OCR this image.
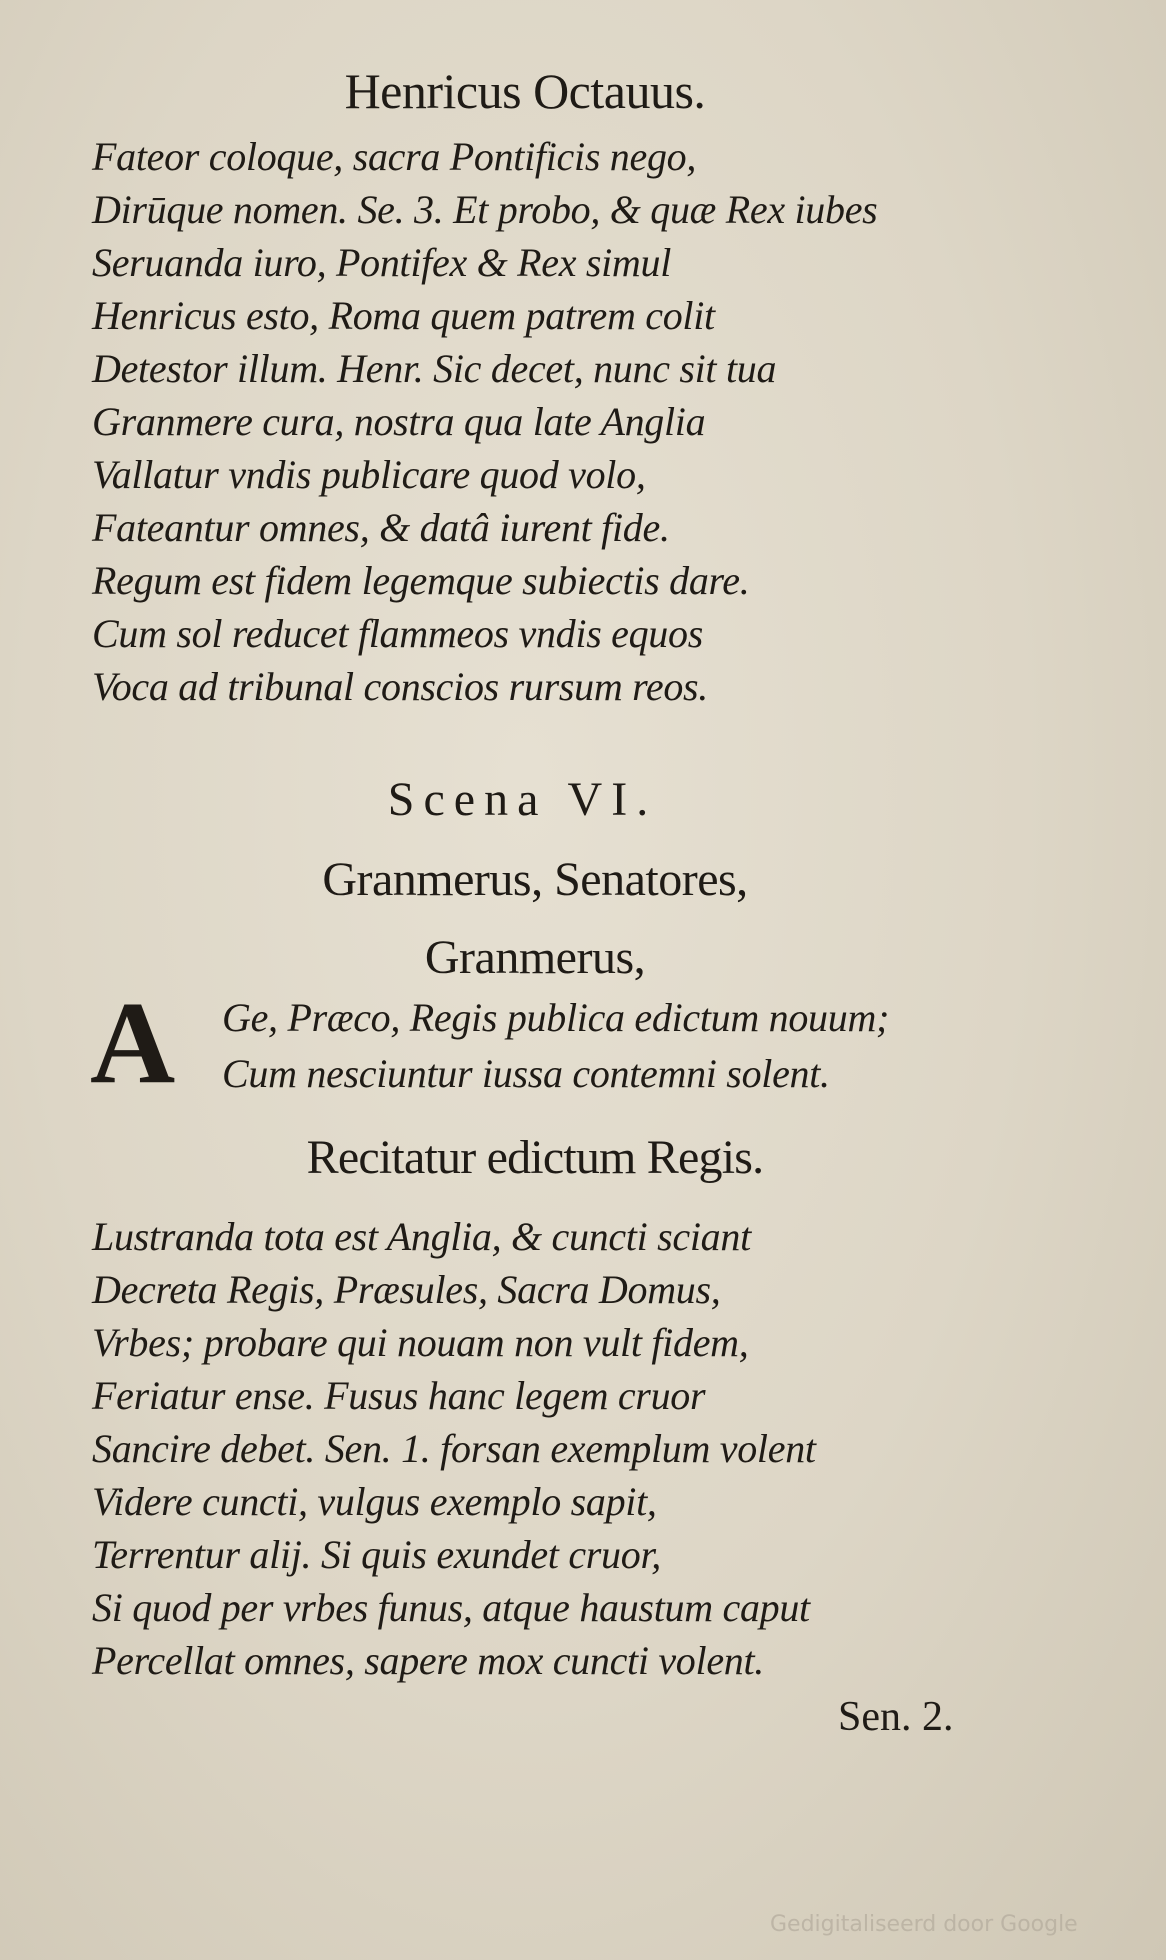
Henricus Octauus.
Fateor coloque, sacra Pontificis nego,
Dirūque nomen. Se. 3. Et probo, & quæ Rex iubes
Seruanda iuro, Pontifex & Rex simul
Henricus esto, Roma quem patrem colit
Detestor illum. Henr. Sic decet, nunc sit tua
Granmere cura, nostra qua late Anglia
Vallatur vndis publicare quod volo,
Fateantur omnes, & datâ iurent fide.
Regum est fidem legemque subiectis dare.
Cum sol reducet flammeos vndis equos
Voca ad tribunal conscios rursum reos.
Scena VI.
Granmerus, Senatores,
Granmerus,
A Ge, Præco, Regis publica edictum nouum;
Cum nesciuntur iussa contemni solent.
Recitatur edictum Regis.
Lustranda tota est Anglia, & cuncti sciant
Decreta Regis, Præsules, Sacra Domus,
Vrbes; probare qui nouam non vult fidem,
Feriatur ense. Fusus hanc legem cruor
Sancire debet. Sen. 1. forsan exemplum volent
Videre cuncti, vulgus exemplo sapit,
Terrentur alij. Si quis exundet cruor,
Si quod per vrbes funus, atque haustum caput
Percellat omnes, sapere mox cuncti volent.
Sen. 2.
Gedigitaliseerd door Google
